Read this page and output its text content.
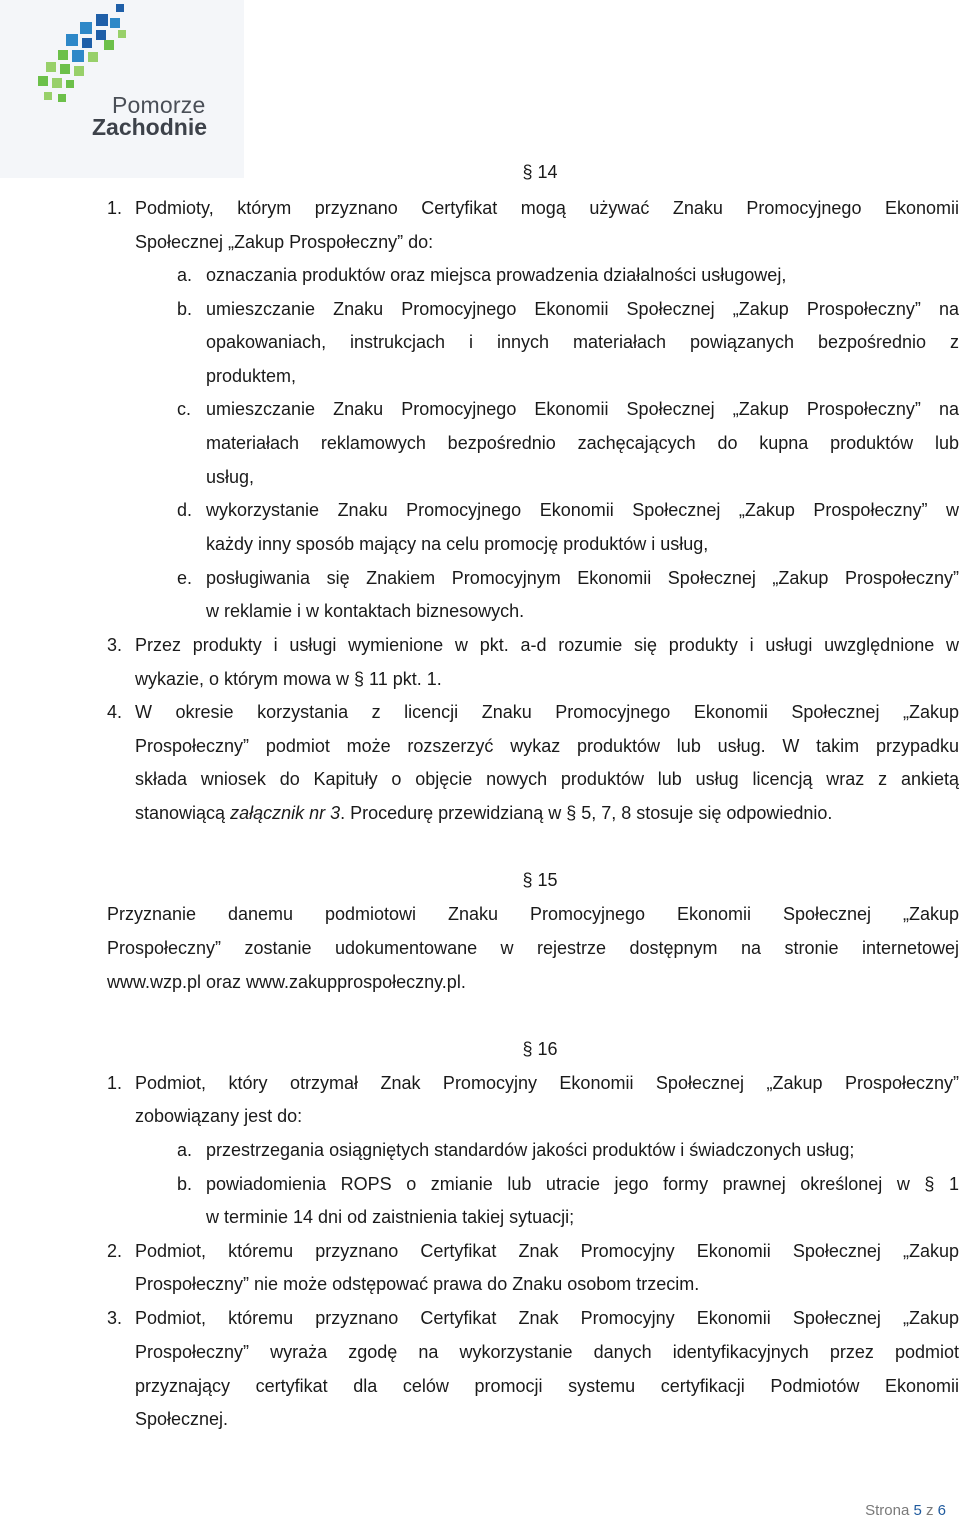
Pomorze
Zachodnie
§ 14
1. Podmioty, którym przyznano Certyfikat mogą używać Znaku Promocyjnego Ekonomii
Społecznej „Zakup Prospołeczny” do:
a. oznaczania produktów oraz miejsca prowadzenia działalności usługowej,
b. umieszczanie Znaku Promocyjnego Ekonomii Społecznej „Zakup Prospołeczny” na
opakowaniach, instrukcjach i innych materiałach powiązanych bezpośrednio z
produktem,
c. umieszczanie Znaku Promocyjnego Ekonomii Społecznej „Zakup Prospołeczny” na
materiałach reklamowych bezpośrednio zachęcających do kupna produktów lub
usług,
d. wykorzystanie Znaku Promocyjnego Ekonomii Społecznej „Zakup Prospołeczny” w
każdy inny sposób mający na celu promocję produktów i usług,
e. posługiwania się Znakiem Promocyjnym Ekonomii Społecznej „Zakup Prospołeczny”
w reklamie i w kontaktach biznesowych.
3. Przez produkty i usługi wymienione w pkt. a-d rozumie się produkty i usługi uwzględnione w
wykazie, o którym mowa w § 11 pkt. 1.
4. W okresie korzystania z licencji Znaku Promocyjnego Ekonomii Społecznej „Zakup
Prospołeczny” podmiot może rozszerzyć wykaz produktów lub usług. W takim przypadku
składa wniosek do Kapituły o objęcie nowych produktów lub usług licencją wraz z ankietą
stanowiącą załącznik nr 3. Procedurę przewidzianą w § 5, 7, 8 stosuje się odpowiednio.
§ 15
Przyznanie danemu podmiotowi Znaku Promocyjnego Ekonomii Społecznej „Zakup
Prospołeczny” zostanie udokumentowane w rejestrze dostępnym na stronie internetowej
www.wzp.pl oraz www.zakupprospołeczny.pl.
§ 16
1. Podmiot, który otrzymał Znak Promocyjny Ekonomii Społecznej „Zakup Prospołeczny”
zobowiązany jest do:
a. przestrzegania osiągniętych standardów jakości produktów i świadczonych usług;
b. powiadomienia ROPS o zmianie lub utracie jego formy prawnej określonej w § 1
w terminie 14 dni od zaistnienia takiej sytuacji;
2. Podmiot, któremu przyznano Certyfikat Znak Promocyjny Ekonomii Społecznej „Zakup
Prospołeczny” nie może odstępować prawa do Znaku osobom trzecim.
3. Podmiot, któremu przyznano Certyfikat Znak Promocyjny Ekonomii Społecznej „Zakup
Prospołeczny” wyraża zgodę na wykorzystanie danych identyfikacyjnych przez podmiot
przyznający certyfikat dla celów promocji systemu certyfikacji Podmiotów Ekonomii
Społecznej.
Strona 5 z 6
